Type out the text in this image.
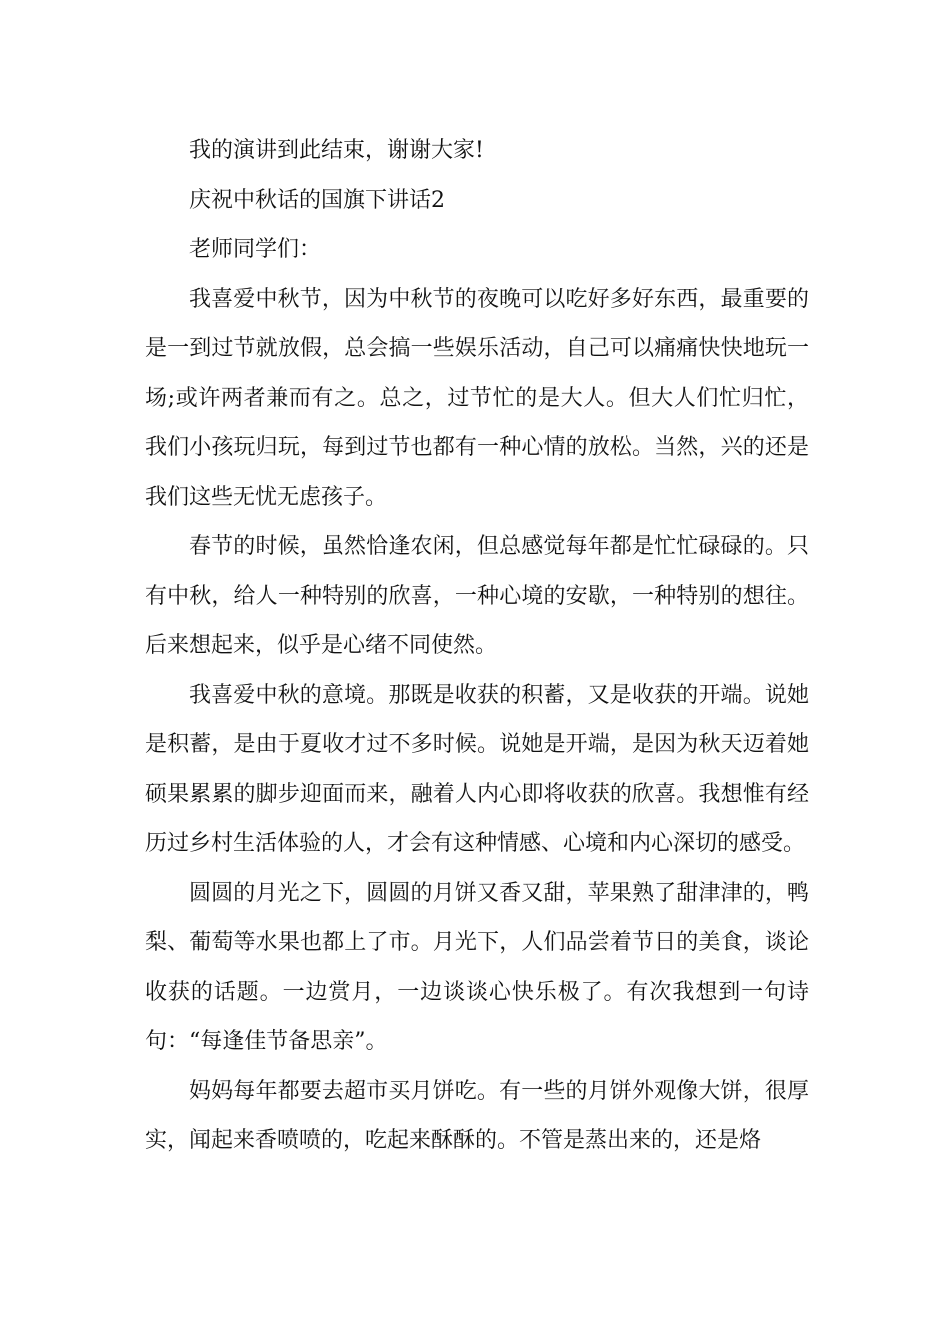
我的演讲到此结束，谢谢大家!

庆祝中秋话的国旗下讲话2

老师同学们：

我喜爱中秋节，因为中秋节的夜晚可以吃好多好东西，最重要的是一到过节就放假，总会搞一些娱乐活动，自己可以痛痛快快地玩一场;或许两者兼而有之。总之，过节忙的是大人。但大人们忙归忙，我们小孩玩归玩，每到过节也都有一种心情的放松。当然，兴的还是我们这些无忧无虑孩子。

春节的时候，虽然恰逢农闲，但总感觉每年都是忙忙碌碌的。只有中秋，给人一种特别的欣喜，一种心境的安歇，一种特别的想往。后来想起来，似乎是心绪不同使然。

我喜爱中秋的意境。那既是收获的积蓄，又是收获的开端。说她是积蓄，是由于夏收才过不多时候。说她是开端，是因为秋天迈着她硕果累累的脚步迎面而来，融着人内心即将收获的欣喜。我想惟有经历过乡村生活体验的人，才会有这种情感、心境和内心深切的感受。

圆圆的月光之下，圆圆的月饼又香又甜，苹果熟了甜津津的，鸭梨、葡萄等水果也都上了市。月光下，人们品尝着节日的美食，谈论收获的话题。一边赏月，一边谈谈心快乐极了。有次我想到一句诗句：“每逢佳节备思亲”。

妈妈每年都要去超市买月饼吃。有一些的月饼外观像大饼，很厚实，闻起来香喷喷的，吃起来酥酥的。不管是蒸出来的，还是烙
